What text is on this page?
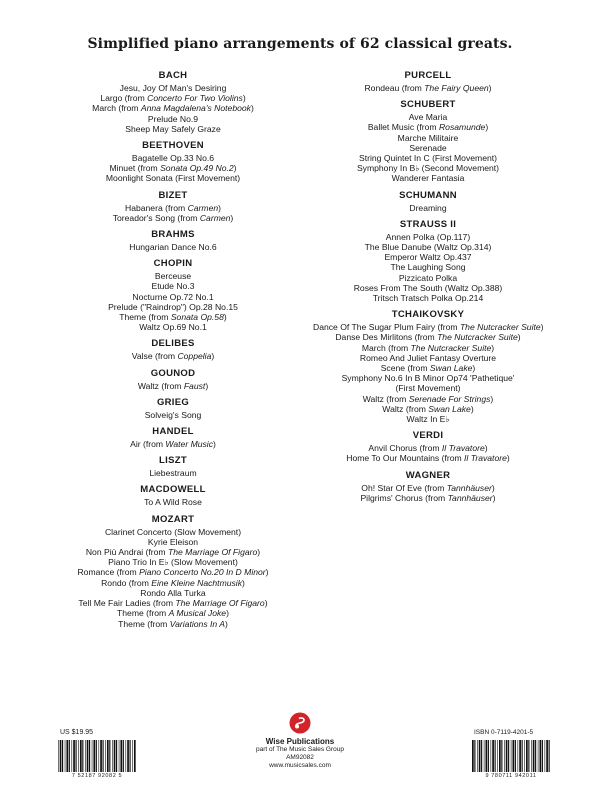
Simplified piano arrangements of 62 classical greats.
BACH
Jesu, Joy Of Man's Desiring
Largo (from Concerto For Two Violins)
March (from Anna Magdalena's Notebook)
Prelude No.9
Sheep May Safely Graze
BEETHOVEN
Bagatelle Op.33 No.6
Minuet (from Sonata Op.49 No.2)
Moonlight Sonata (First Movement)
BIZET
Habanera (from Carmen)
Toreador's Song (from Carmen)
BRAHMS
Hungarian Dance No.6
CHOPIN
Berceuse
Etude No.3
Nocturne Op.72 No.1
Prelude ("Raindrop") Op.28 No.15
Theme (from Sonata Op.58)
Waltz Op.69 No.1
DELIBES
Valse (from Coppelia)
GOUNOD
Waltz (from Faust)
GRIEG
Solveig's Song
HANDEL
Air (from Water Music)
LISZT
Liebestraum
MACDOWELL
To A Wild Rose
MOZART
Clarinet Concerto (Slow Movement)
Kyrie Eleison
Non Più Andrai (from The Marriage Of Figaro)
Piano Trio In E♭ (Slow Movement)
Romance (from Piano Concerto No.20 In D Minor)
Rondo (from Eine Kleine Nachtmusik)
Rondo Alla Turka
Tell Me Fair Ladies (from The Marriage Of Figaro)
Theme (from A Musical Joke)
Theme (from Variations In A)
PURCELL
Rondeau (from The Fairy Queen)
SCHUBERT
Ave Maria
Ballet Music (from Rosamunde)
Marche Militaire
Serenade
String Quintet In C (First Movement)
Symphony In B♭ (Second Movement)
Wanderer Fantasia
SCHUMANN
Dreaming
STRAUSS II
Annen Polka (Op.117)
The Blue Danube (Waltz Op.314)
Emperor Waltz Op.437
The Laughing Song
Pizzicato Polka
Roses From The South (Waltz Op.388)
Tritsch Tratsch Polka Op.214
TCHAIKOVSKY
Dance Of The Sugar Plum Fairy (from The Nutcracker Suite)
Danse Des Mirlitons (from The Nutcracker Suite)
March (from The Nutcracker Suite)
Romeo And Juliet Fantasy Overture
Scene (from Swan Lake)
Symphony No.6 In B Minor Op74 'Pathetique'
(First Movement)
Waltz (from Serenade For Strings)
Waltz (from Swan Lake)
Waltz In E♭
VERDI
Anvil Chorus (from Il Travatore)
Home To Our Mountains (from Il Travatore)
WAGNER
Oh! Star Of Eve (from Tannhäuser)
Pilgrims' Chorus (from Tannhäuser)
US $19.95
7 52187 92082 5
Wise Publications
part of The Music Sales Group
AM92082
www.musicsales.com
ISBN 0-7119-4201-5
9 780711 942011
